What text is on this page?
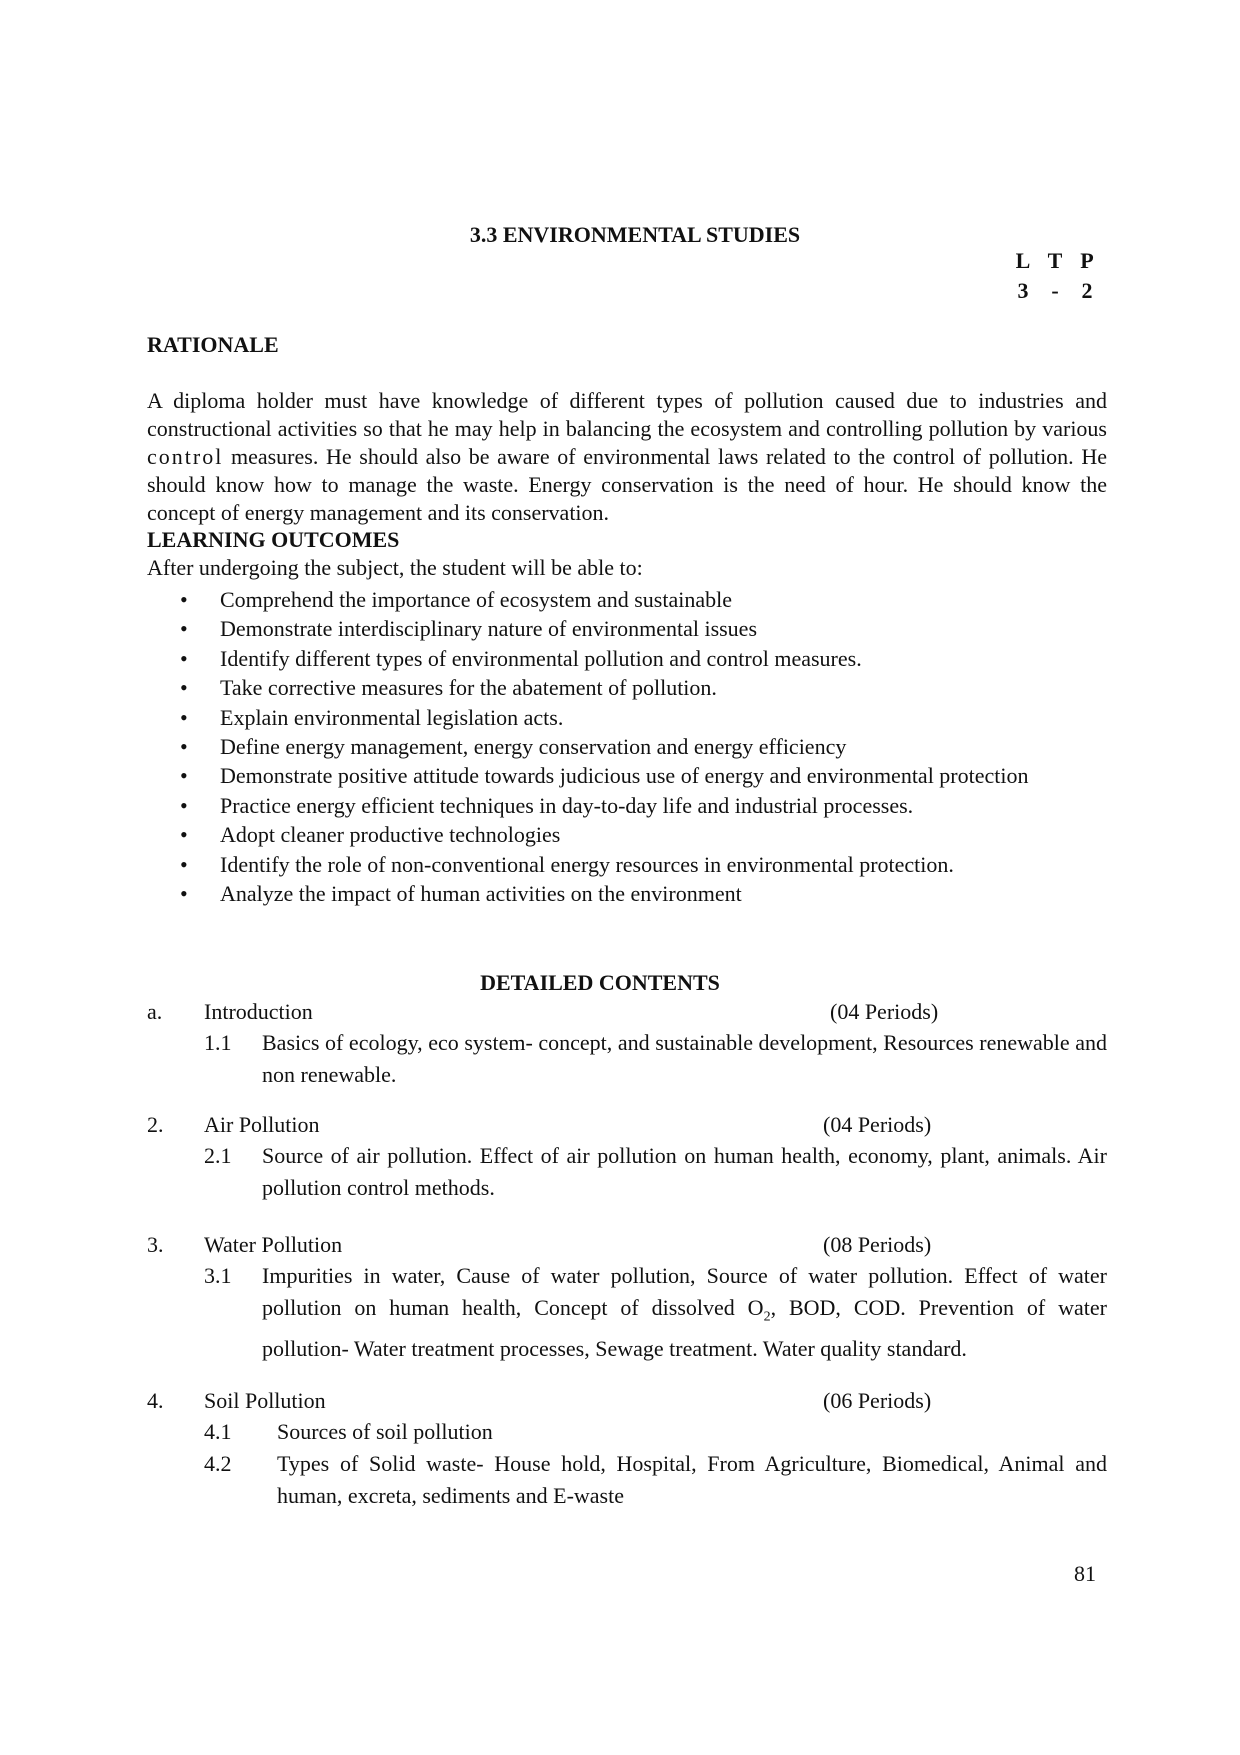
3.3 ENVIRONMENTAL STUDIES
L T P
3 - 2
RATIONALE
A diploma holder must have knowledge of different types of pollution caused due to industries and constructional activities so that he may help in balancing the ecosystem and controlling pollution by various control measures. He should also be aware of environmental laws related to the control of pollution. He should know how to manage the waste. Energy conservation is the need of hour. He should know the concept of energy management and its conservation.
LEARNING OUTCOMES
After undergoing the subject, the student will be able to:
• Comprehend the importance of ecosystem and sustainable
• Demonstrate interdisciplinary nature of environmental issues
• Identify different types of environmental pollution and control measures.
• Take corrective measures for the abatement of pollution.
• Explain environmental legislation acts.
• Define energy management, energy conservation and energy efficiency
• Demonstrate positive attitude towards judicious use of energy and environmental protection
• Practice energy efficient techniques in day-to-day life and industrial processes.
• Adopt cleaner productive technologies
• Identify the role of non-conventional energy resources in environmental protection.
• Analyze the impact of human activities on the environment
DETAILED CONTENTS
a. Introduction	(04 Periods)
1.1 Basics of ecology, eco system- concept, and sustainable development, Resources renewable and non renewable.
2. Air Pollution	(04 Periods)
2.1 Source of air pollution. Effect of air pollution on human health, economy, plant, animals. Air pollution control methods.
3. Water Pollution	(08 Periods)
3.1 Impurities in water, Cause of water pollution, Source of water pollution. Effect of water pollution on human health, Concept of dissolved $O_2$, BOD, COD. Prevention of water pollution- Water treatment processes, Sewage treatment. Water quality standard.
4. Soil Pollution	(06 Periods)
4.1 Sources of soil pollution
4.2 Types of Solid waste- House hold, Hospital, From Agriculture, Biomedical, Animal and human, excreta, sediments and E-waste
81
